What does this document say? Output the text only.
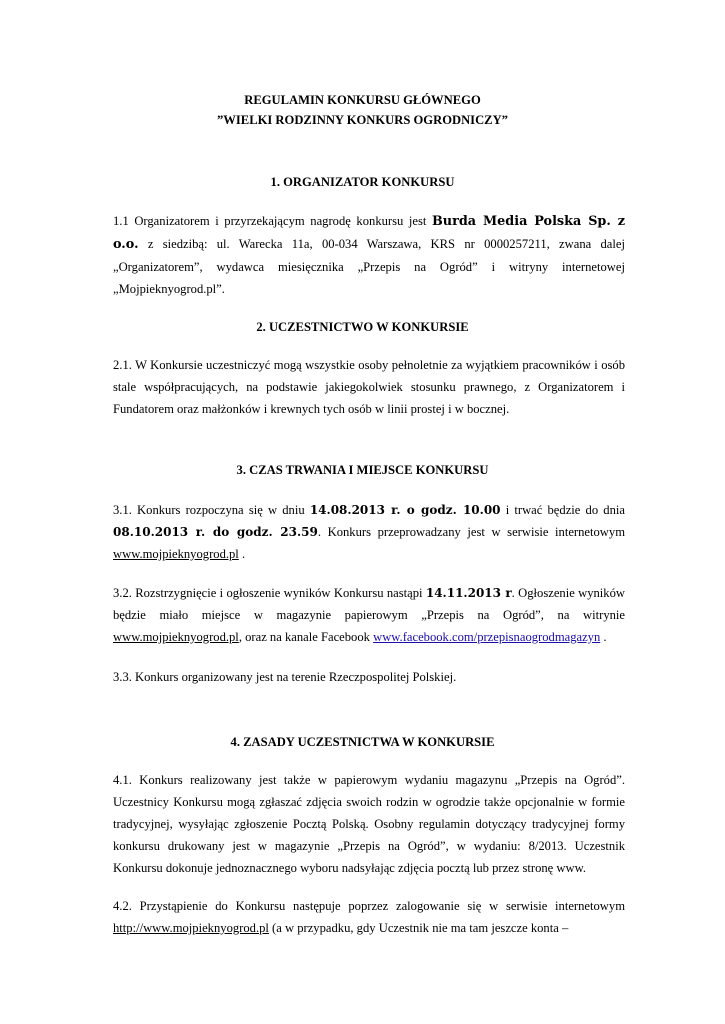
REGULAMIN KONKURSU GŁÓWNEGO
”WIELKI RODZINNY KONKURS OGRODNICZY”
1. ORGANIZATOR KONKURSU
1.1 Organizatorem i przyrzekającym nagrodę konkursu jest Burda Media Polska Sp. z o.o. z siedzibą: ul. Warecka 11a, 00-034 Warszawa, KRS nr 0000257211, zwana dalej „Organizatorem”, wydawca miesięcznika „Przepis na Ogród” i witryny internetowej „Mojpieknyogrod.pl”.
2. UCZESTNICTWO W KONKURSIE
2.1. W Konkursie uczestniczyć mogą wszystkie osoby pełnoletnie za wyjątkiem pracowników i osób stale współpracujących, na podstawie jakiegokolwiek stosunku prawnego, z Organizatorem i Fundatorem oraz małżonków i krewnych tych osób w linii prostej i w bocznej.
3. CZAS TRWANIA I MIEJSCE KONKURSU
3.1. Konkurs rozpoczyna się w dniu 14.08.2013 r. o godz. 10.00 i trwać będzie do dnia 08.10.2013 r. do godz. 23.59. Konkurs przeprowadzany jest w serwisie internetowym www.mojpieknyogrod.pl .
3.2. Rozstrzygnięcie i ogłoszenie wyników Konkursu nastąpi 14.11.2013 r. Ogłoszenie wyników będzie miało miejsce w magazynie papierowym „Przepis na Ogród”, na witrynie www.mojpieknyogrod.pl, oraz na kanale Facebook www.facebook.com/przepisnaogrodmagazyn .
3.3. Konkurs organizowany jest na terenie Rzeczpospolitej Polskiej.
4. ZASADY UCZESTNICTWA W KONKURSIE
4.1. Konkurs realizowany jest także w papierowym wydaniu magazynu „Przepis na Ogród”. Uczestnicy Konkursu mogą zgłaszać zdjęcia swoich rodzin w ogrodzie także opcjonalnie w formie tradycyjnej, wysyłając zgłoszenie Pocztą Polską. Osobny regulamin dotyczący tradycyjnej formy konkursu drukowany jest w magazynie „Przepis na Ogród”, w wydaniu: 8/2013. Uczestnik Konkursu dokonuje jednoznacznego wyboru nadsyłając zdjęcia pocztą lub przez stronę www.
4.2. Przystąpienie do Konkursu następuje poprzez zalogowanie się w serwisie internetowym http://www.mojpieknyogrod.pl (a w przypadku, gdy Uczestnik nie ma tam jeszcze konta –
